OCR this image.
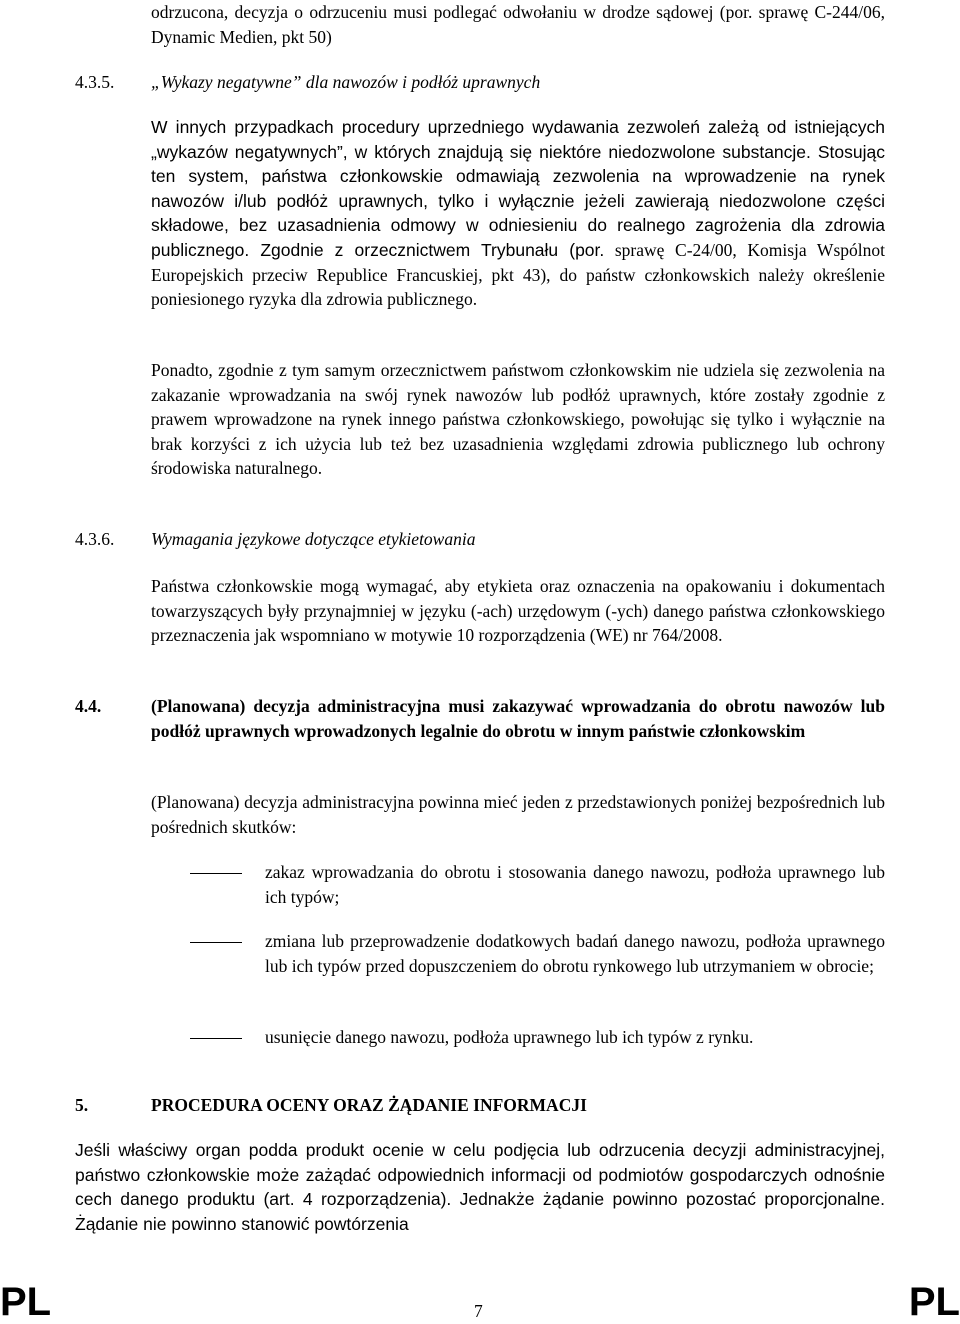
odrzucona, decyzja o odrzuceniu musi podlegać odwołaniu w drodze sądowej (por. sprawę C-244/06, Dynamic Medien, pkt 50)

4.3.5. „Wykazy negatywne” dla nawozów i podłóż uprawnych

W innych przypadkach procedury uprzedniego wydawania zezwoleń zależą od istniejących „wykazów negatywnych”, w których znajdują się niektóre niedozwolone substancje. Stosując ten system, państwa członkowskie odmawiają zezwolenia na wprowadzenie na rynek nawozów i/lub podłóż uprawnych, tylko i wyłącznie jeżeli zawierają niedozwolone części składowe, bez uzasadnienia odmowy w odniesieniu do realnego zagrożenia dla zdrowia publicznego. Zgodnie z orzecznictwem Trybunału (por. sprawę C-24/00, Komisja Wspólnot Europejskich przeciw Republice Francuskiej, pkt 43), do państw członkowskich należy określenie poniesionego ryzyka dla zdrowia publicznego.

Ponadto, zgodnie z tym samym orzecznictwem państwom członkowskim nie udziela się zezwolenia na zakazanie wprowadzania na swój rynek nawozów lub podłóż uprawnych, które zostały zgodnie z prawem wprowadzone na rynek innego państwa członkowskiego, powołując się tylko i wyłącznie na brak korzyści z ich użycia lub też bez uzasadnienia względami zdrowia publicznego lub ochrony środowiska naturalnego.

4.3.6. Wymagania językowe dotyczące etykietowania

Państwa członkowskie mogą wymagać, aby etykieta oraz oznaczenia na opakowaniu i dokumentach towarzyszących były przynajmniej w języku (-ach) urzędowym (-ych) danego państwa członkowskiego przeznaczenia jak wspomniano w motywie 10 rozporządzenia (WE) nr 764/2008.

4.4.	(Planowana) decyzja administracyjna musi zakazywać wprowadzania do obrotu nawozów lub podłóż uprawnych wprowadzonych legalnie do obrotu w innym państwie członkowskim

(Planowana) decyzja administracyjna powinna mieć jeden z przedstawionych poniżej bezpośrednich lub pośrednich skutków:

zakaz wprowadzania do obrotu i stosowania danego nawozu, podłoża uprawnego lub ich typów;

zmiana lub przeprowadzenie dodatkowych badań danego nawozu, podłoża uprawnego lub ich typów przed dopuszczeniem do obrotu rynkowego lub utrzymaniem w obrocie;

usunięcie danego nawozu, podłoża uprawnego lub ich typów z rynku.

5.	PROCEDURA OCENY ORAZ ŻĄDANIE INFORMACJI

Jeśli właściwy organ podda produkt ocenie w celu podjęcia lub odrzucenia decyzji administracyjnej, państwo członkowskie może zażądać odpowiednich informacji od podmiotów gospodarczych odnośnie cech danego produktu (art. 4 rozporządzenia). Jednakże żądanie powinno pozostać proporcjonalne. Żądanie nie powinno stanowić powtórzenia

PL	7	PL
